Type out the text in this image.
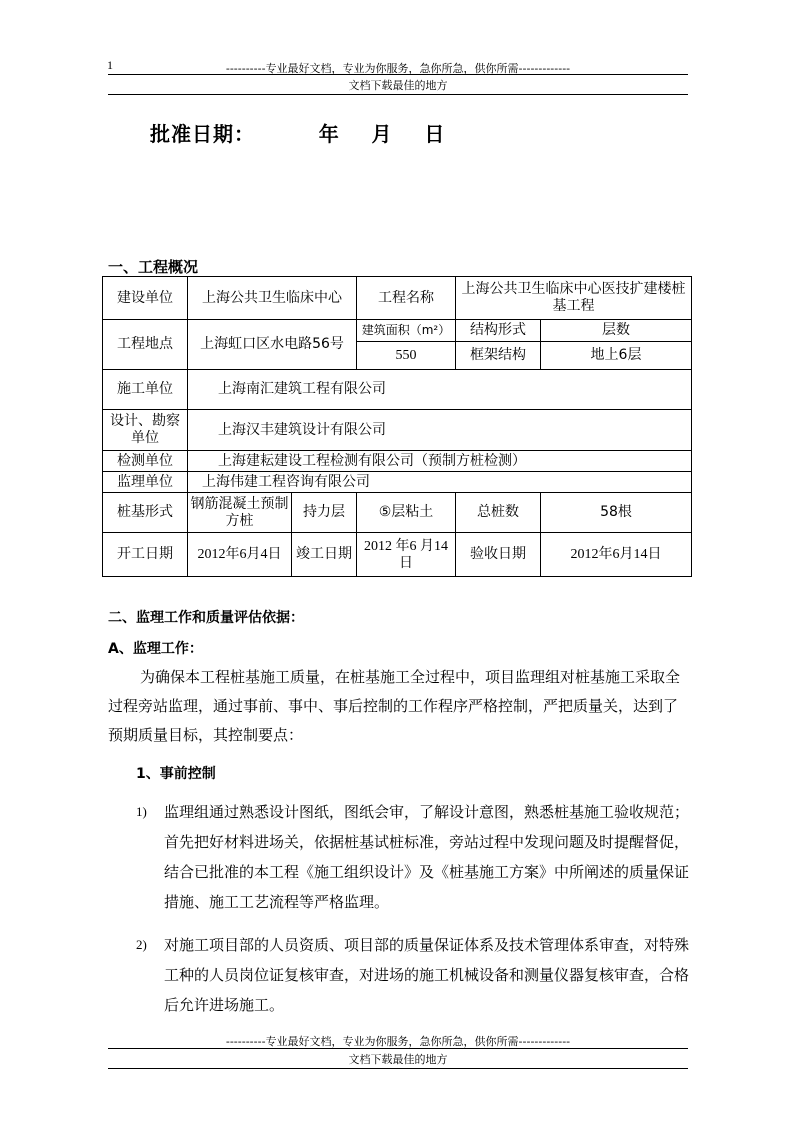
1	----------专业最好文档，专业为你服务，急你所急，供你所需-------------
文档下载最佳的地方
批准日期：        年    月    日
一、工程概况
建设单位	上海公共卫生临床中心		工程名称	上海公共卫生临床中心医技扩建楼桩基工程	
工程地点	上海虹口区水电路56号		建筑面积（m²）	结构形式	层数
			550	框架结构	地上6层
施工单位	上海南汇建筑工程有限公司				
设计、勘察单位	上海汉丰建筑设计有限公司				
检测单位	上海建耘建设工程检测有限公司（预制方桩检测）				
监理单位	上海伟建工程咨询有限公司				
桩基形式	钢筋混凝土预制方桩	持力层	⑤层粘土	总桩数	58根
开工日期	2012年6月4日	竣工日期	2012 年6 月14日	验收日期	2012年6月14日
二、监理工作和质量评估依据：
A、监理工作：
为确保本工程桩基施工质量，在桩基施工全过程中，项目监理组对桩基施工采取全过程旁站监理，通过事前、事中、事后控制的工作程序严格控制，严把质量关，达到了预期质量目标，其控制要点：
1、事前控制
1) 监理组通过熟悉设计图纸，图纸会审，了解设计意图，熟悉桩基施工验收规范；首先把好材料进场关，依据桩基试桩标准，旁站过程中发现问题及时提醒督促，结合已批准的本工程《施工组织设计》及《桩基施工方案》中所阐述的质量保证措施、施工工艺流程等严格监理。
2) 对施工项目部的人员资质、项目部的质量保证体系及技术管理体系审查，对特殊工种的人员岗位证复核审查，对进场的施工机械设备和测量仪器复核审查，合格后允许进场施工。
----------专业最好文档，专业为你服务，急你所急，供你所需-------------
文档下载最佳的地方
